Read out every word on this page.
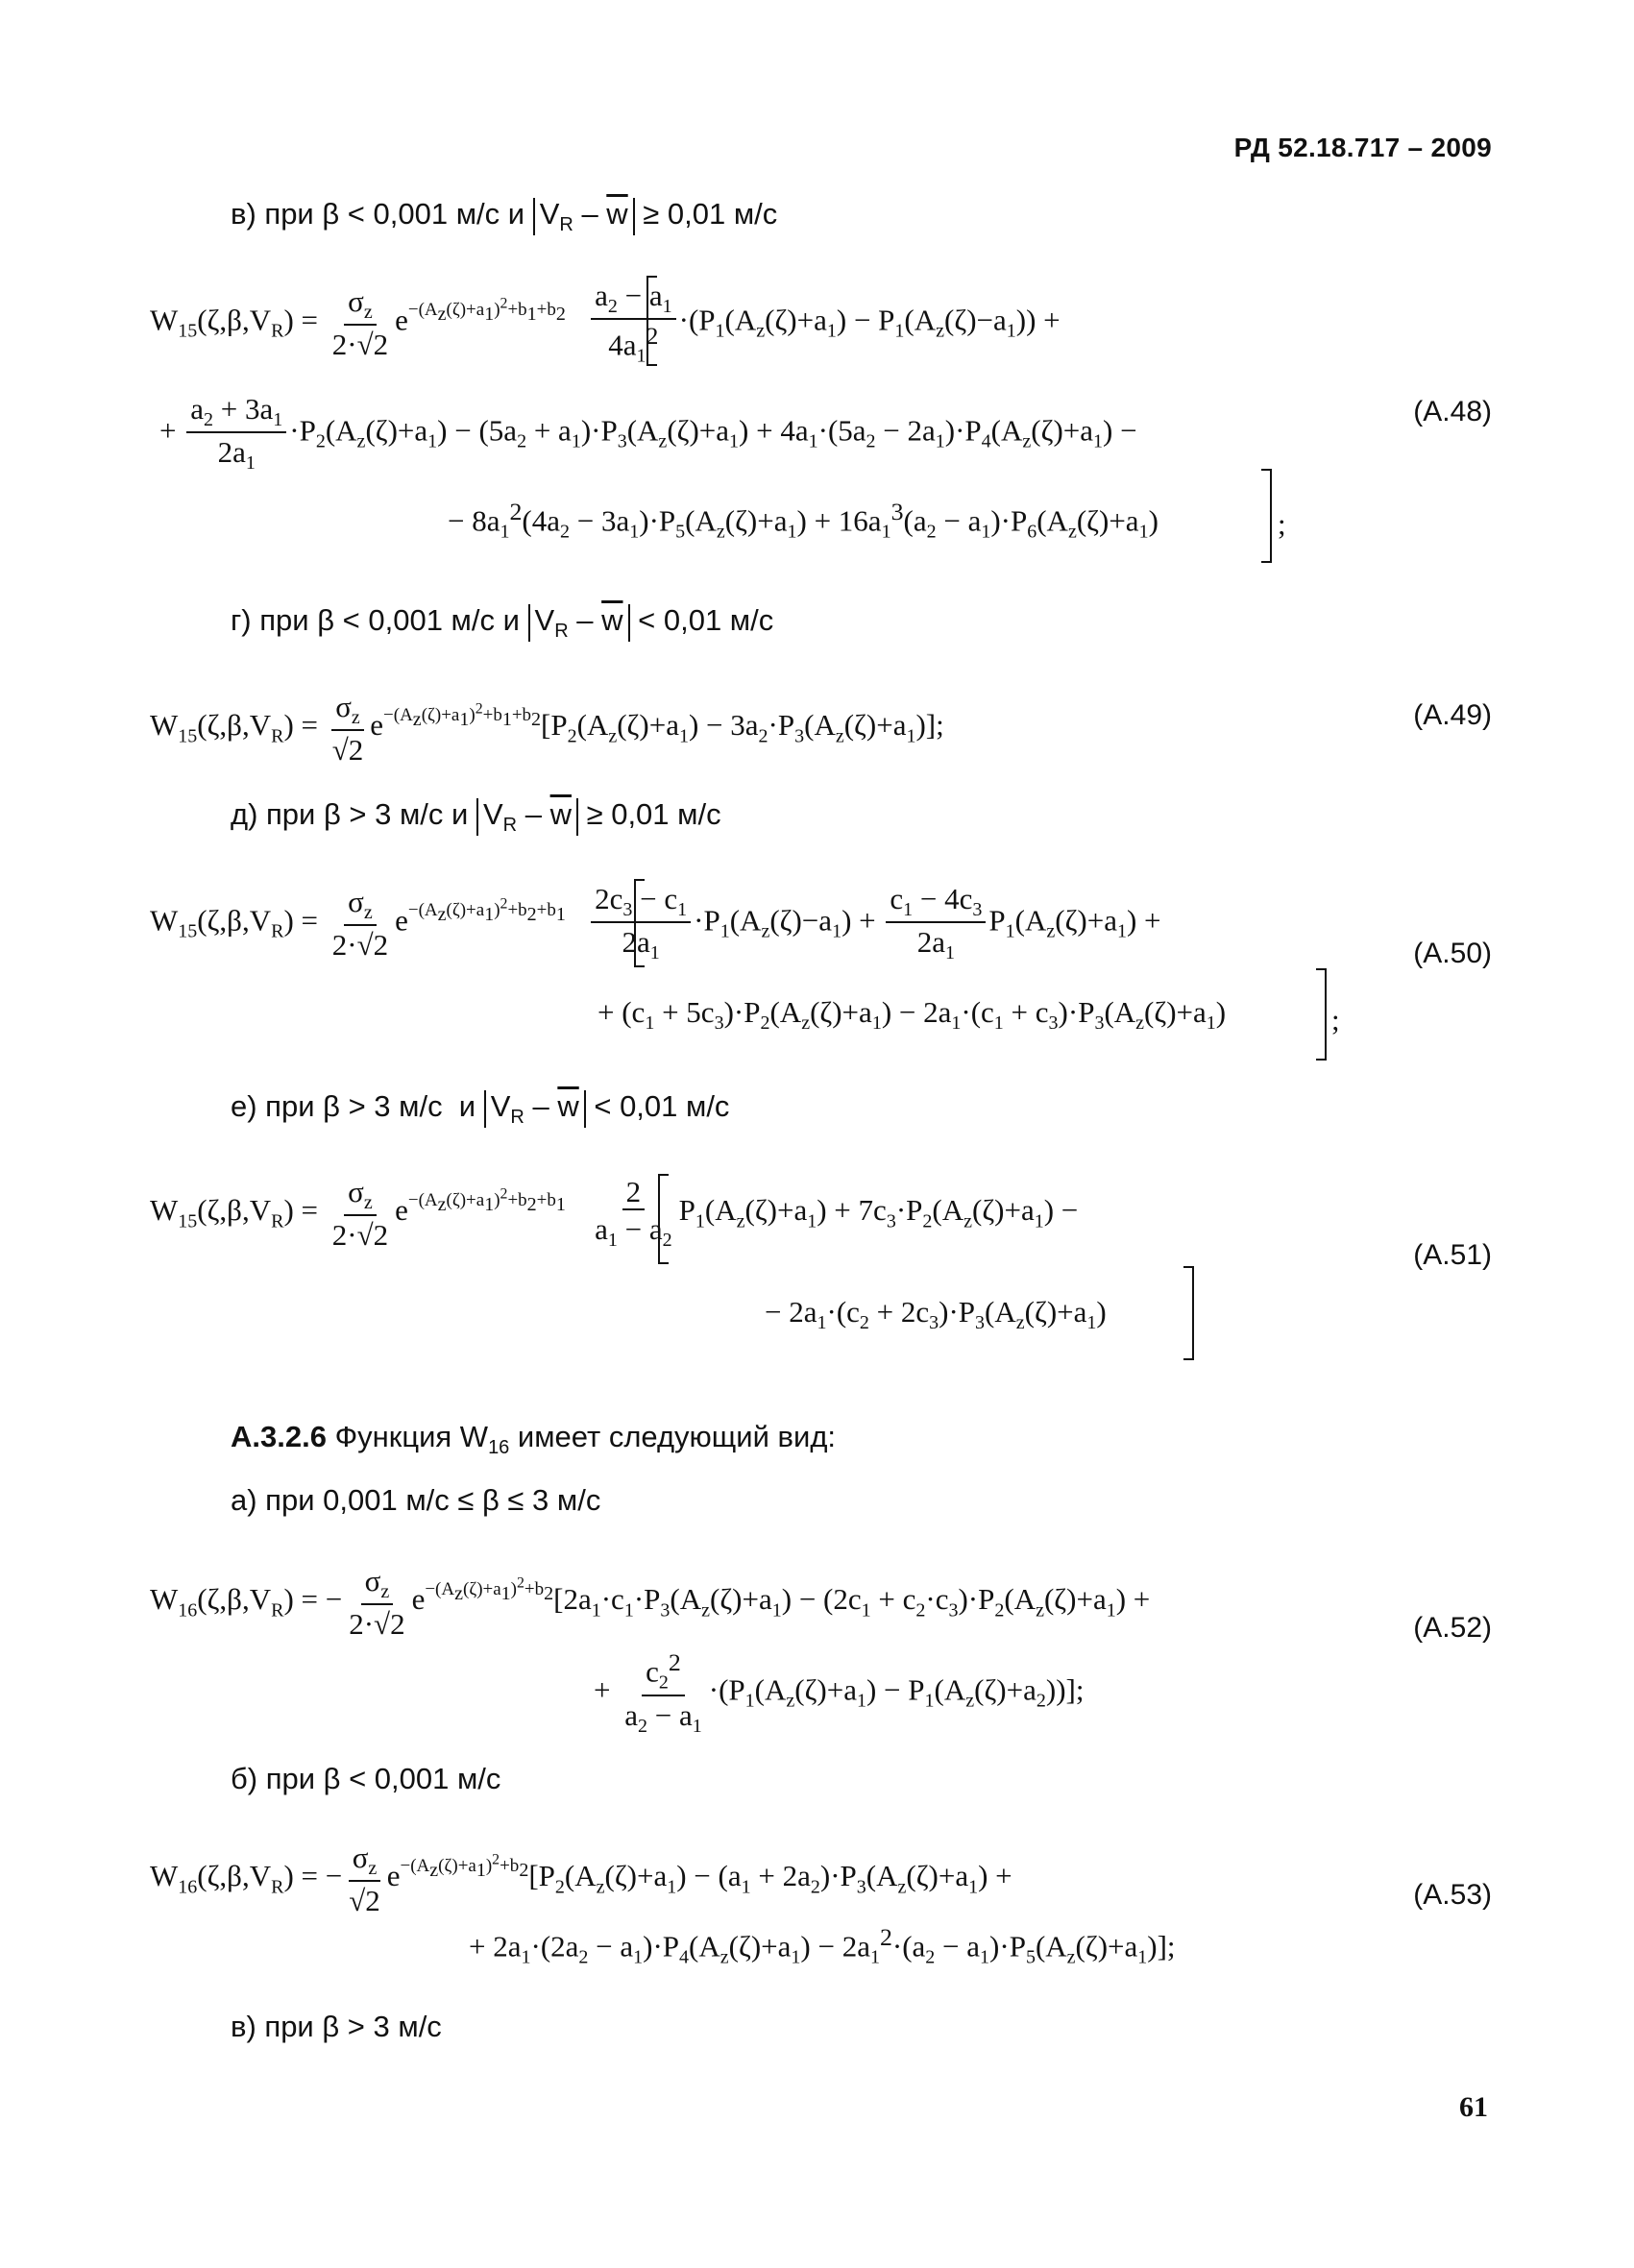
РД 52.18.717 – 2009
в) при β < 0,001 м/с и $V_R - \overline{w} \ge 0,01$ м/с
$W_{15}(\zeta,\beta,V_R) = \frac{\sigma_z}{2\cdot√2} e^{-(A_z(\zeta)+a_1)^2+b_1+b_2} \frac{a_2 - a_1}{4a_1^2} \cdot(P_1(A_z(\zeta)+a_1) - P_1(A_z(\zeta)-a_1))$ +
+ $\frac{a_2 + 3a_1}{2a_1} \cdot P_2(A_z(\zeta)+a_1) - (5a_2 + a_1)\cdot P_3(A_z(\zeta)+a_1) + 4a_1\cdot(5a_2 - 2a_1)\cdot P_4(A_z(\zeta)+a_1)$ −
(А.48)
− $8a_1^2(4a_2 - 3a_1)\cdot P_5(A_z(\zeta)+a_1) + 16a_1^3(a_2 - a_1)\cdot P_6(A_z(\zeta)+a_1)$	;
г) при β < 0,001 м/с и $V_R - \overline{w} < 0,01$ м/с
$W_{15}(\zeta,\beta,V_R) = \frac{\sigma_z}{√2} e^{-(A_z(\zeta)+a_1)^2+b_1+b_2}[P_2(A_z(\zeta)+a_1) - 3a_2\cdot P_3(A_z(\zeta)+a_1)]$;	(А.49)
д) при β > 3 м/с и $V_R - \overline{w} \ge 0,01$ м/с
$W_{15}(\zeta,\beta,V_R) = \frac{\sigma_z}{2\cdot√2} e^{-(A_z(\zeta)+a_1)^2+b_2+b_1} \frac{2c_3 - c_1}{2a_1} \cdot P_1(A_z(\zeta)-a_1) + \frac{c_1 - 4c_3}{2a_1} P_1(A_z(\zeta)+a_1)$ +
(А.50)
+ $(c_1 + 5c_3)\cdot P_2(A_z(\zeta)+a_1) - 2a_1\cdot(c_1 + c_3)\cdot P_3(A_z(\zeta)+a_1)$	;
е) при β > 3 м/с  и $V_R - \overline{w} < 0,01$ м/с
$W_{15}(\zeta,\beta,V_R) = \frac{\sigma_z}{2\cdot√2} e^{-(A_z(\zeta)+a_1)^2+b_2+b_1} \frac{2}{a_1 - a_2} P_1(A_z(\zeta)+a_1) + 7c_3\cdot P_2(A_z(\zeta)+a_1)$ −
(А.51)
− $2a_1\cdot(c_2 + 2c_3)\cdot P_3(A_z(\zeta)+a_1)$
А.3.2.6 Функция $W_{16}$ имеет следующий вид:
а) при 0,001 м/с ≤ β ≤ 3 м/с
$W_{16}(\zeta,\beta,V_R)$ = − $\frac{\sigma_z}{2\cdot√2} e^{-(A_z(\zeta)+a_1)^2+b_2}[2a_1\cdot c_1\cdot P_3(A_z(\zeta)+a_1) - (2c_1 + c_2\cdot c_3)\cdot P_2(A_z(\zeta)+a_1)$ +
(А.52)
+ $\frac{c_2^2}{a_2 - a_1} \cdot(P_1(A_z(\zeta)+a_1) - P_1(A_z(\zeta)+a_2))$];
б) при β < 0,001 м/с
$W_{16}(\zeta,\beta,V_R)$ = − $\frac{\sigma_z}{√2} e^{-(A_z(\zeta)+a_1)^2+b_2}[P_2(A_z(\zeta)+a_1) - (a_1 + 2a_2)\cdot P_3(A_z(\zeta)+a_1)$ +
(А.53)
+ $2a_1\cdot(2a_2 - a_1)\cdot P_4(A_z(\zeta)+a_1) - 2a_1^2\cdot(a_2 - a_1)\cdot P_5(A_z(\zeta)+a_1)$];
в) при β > 3 м/с
61
